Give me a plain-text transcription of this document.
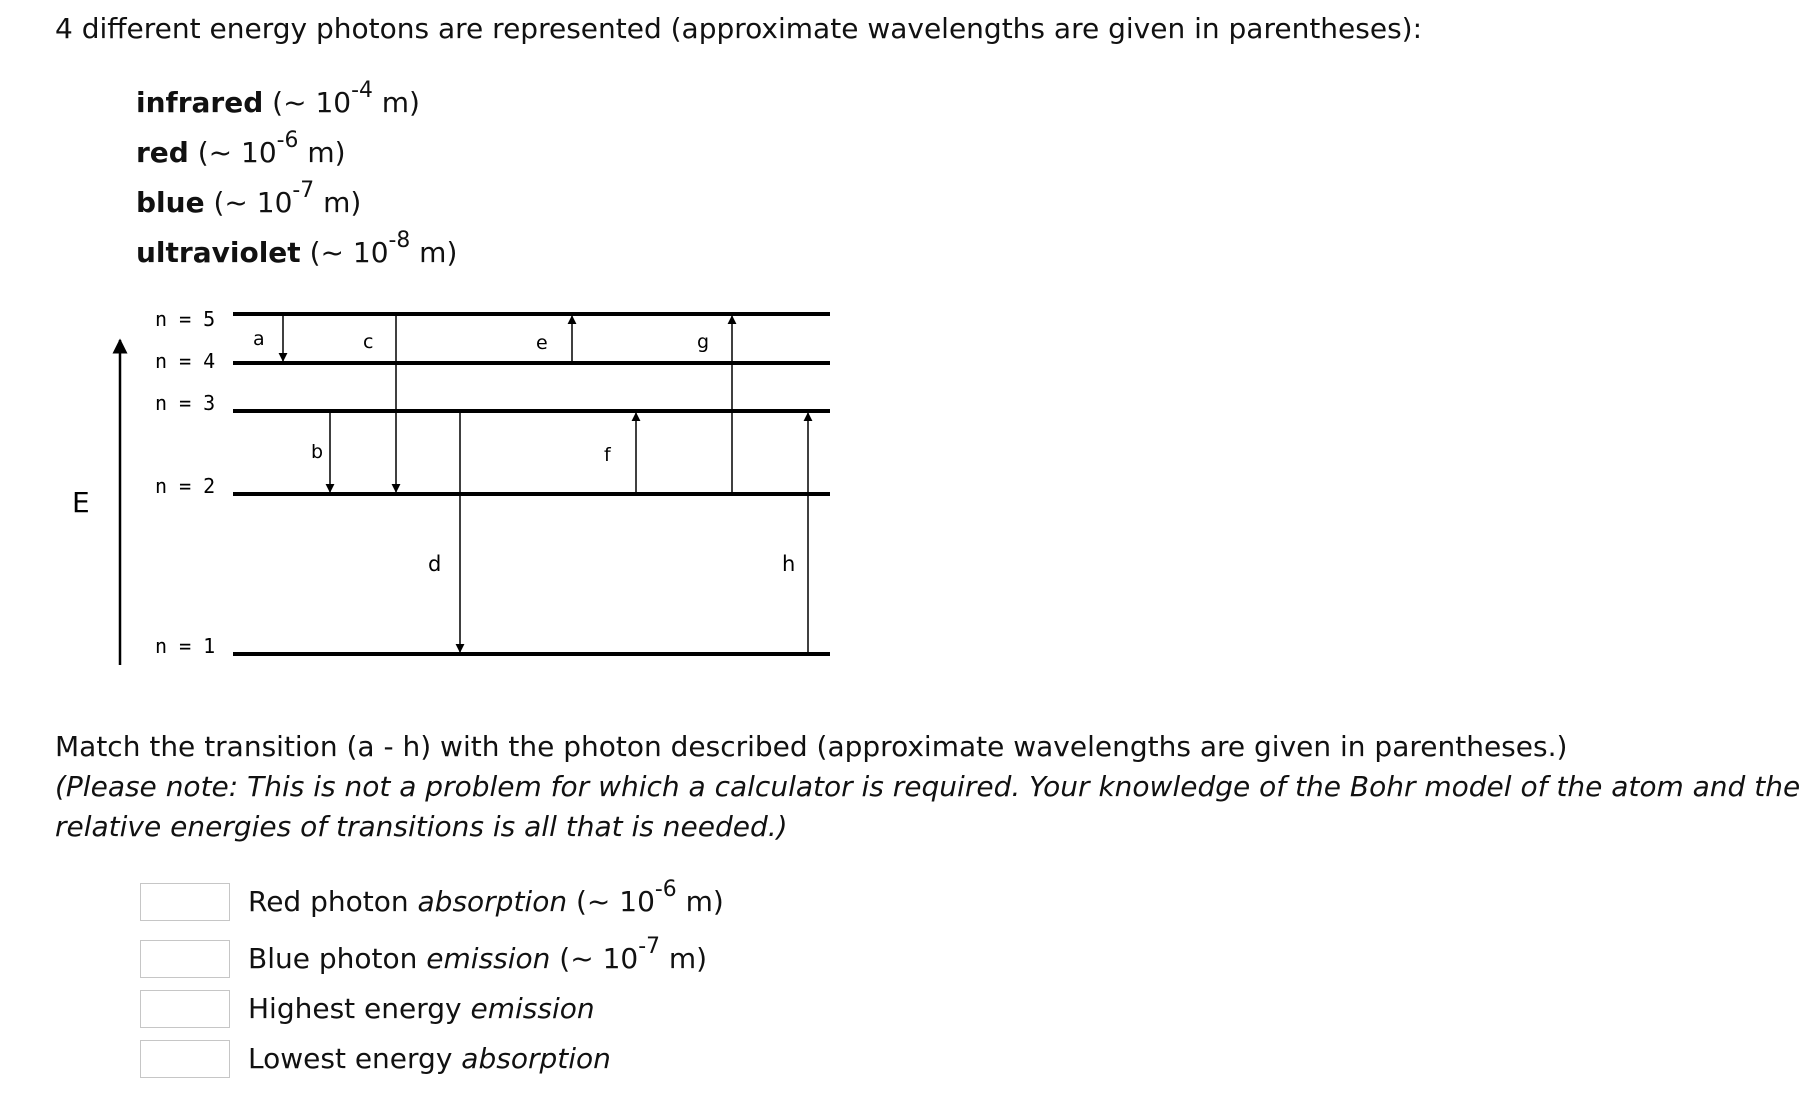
4 different energy photons are represented (approximate wavelengths are given in parentheses):

infrared (~ $10^{-4}$ m)

red (~ $10^{-6}$ m)

blue (~ $10^{-7}$ m)

ultraviolet (~ $10^{-8}$ m)

E
n = 5
n = 4
n = 3
n = 2
n = 1
a
b
c
d
e
f
g
h

Match the transition (a - h) with the photon described (approximate wavelengths are given in parentheses.)

(Please note: This is not a problem for which a calculator is required. Your knowledge of the Bohr model of the atom and the

relative energies of transitions is all that is needed.)

Red photon absorption (~ $10^{-6}$ m)
Blue photon emission (~ $10^{-7}$ m)
Highest energy emission
Lowest energy absorption
